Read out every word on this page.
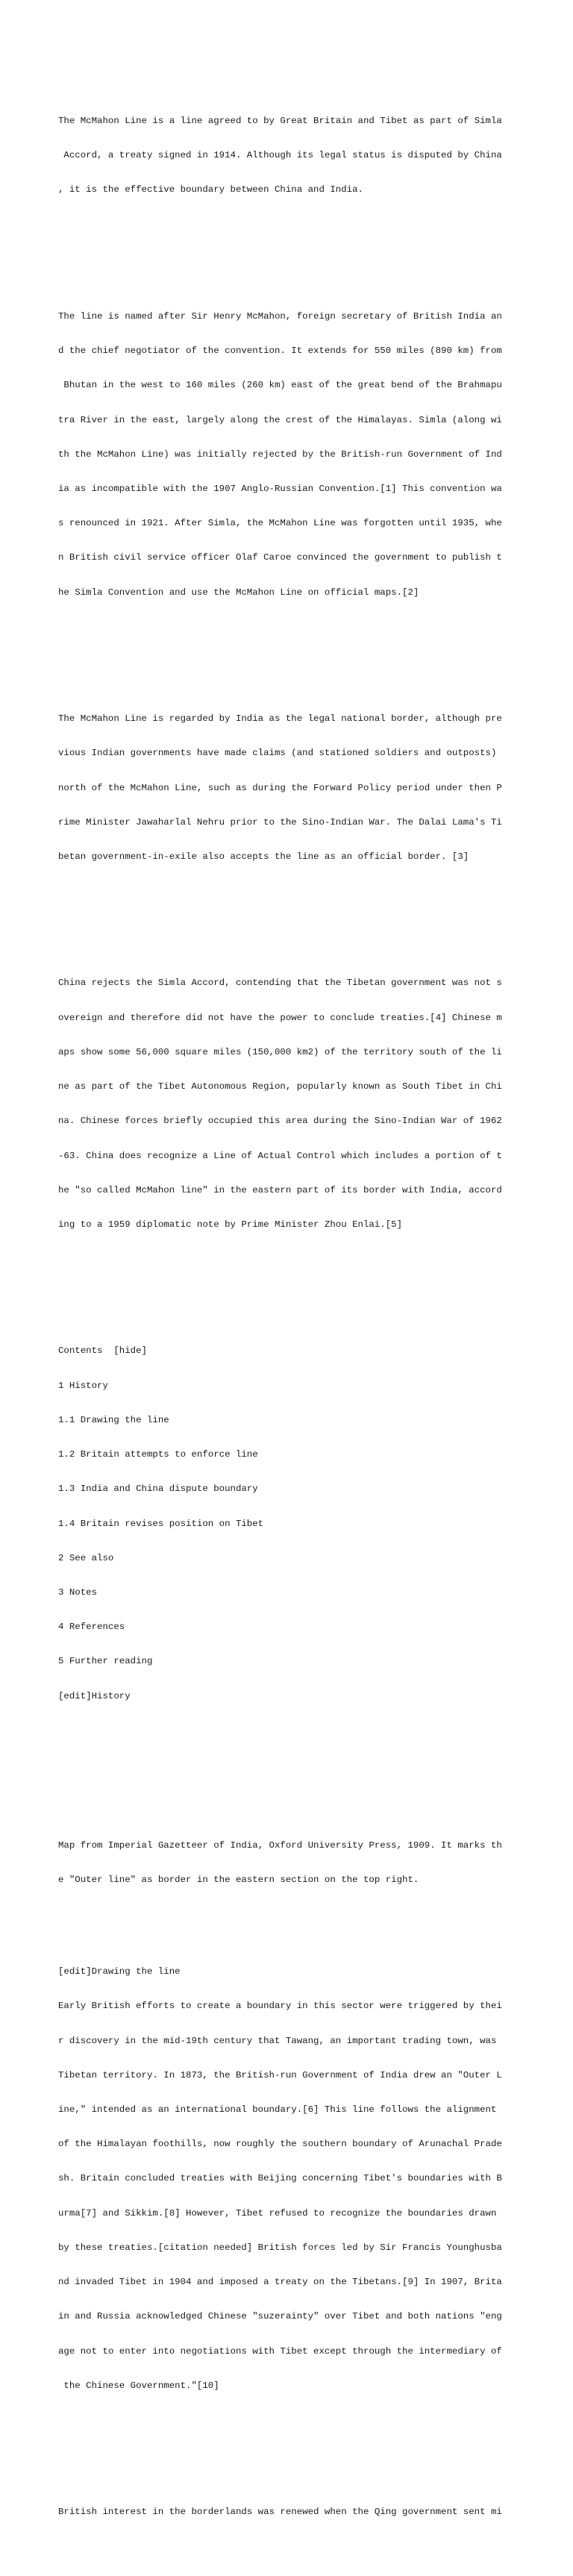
The McMahon Line is a line agreed to by Great Britain and Tibet as part of Simla

Accord, a treaty signed in 1914. Although its legal status is disputed by China

, it is the effective boundary between China and India.

The line is named after Sir Henry McMahon, foreign secretary of British India an

d the chief negotiator of the convention. It extends for 550 miles (890 km) from

Bhutan in the west to 160 miles (260 km) east of the great bend of the Brahmapu

tra River in the east, largely along the crest of the Himalayas. Simla (along wi

th the McMahon Line) was initially rejected by the British-run Government of Ind

ia as incompatible with the 1907 Anglo-Russian Convention.[1] This convention wa

s renounced in 1921. After Simla, the McMahon Line was forgotten until 1935, whe

n British civil service officer Olaf Caroe convinced the government to publish t

he Simla Convention and use the McMahon Line on official maps.[2]

The McMahon Line is regarded by India as the legal national border, although pre

vious Indian governments have made claims (and stationed soldiers and outposts)

north of the McMahon Line, such as during the Forward Policy period under then P

rime Minister Jawaharlal Nehru prior to the Sino-Indian War. The Dalai Lama's Ti

betan government-in-exile also accepts the line as an official border. [3]

China rejects the Simla Accord, contending that the Tibetan government was not s

overeign and therefore did not have the power to conclude treaties.[4] Chinese m

aps show some 56,000 square miles (150,000 km2) of the territory south of the li

ne as part of the Tibet Autonomous Region, popularly known as South Tibet in Chi

na. Chinese forces briefly occupied this area during the Sino-Indian War of 1962

-63. China does recognize a Line of Actual Control which includes a portion of t

he "so called McMahon line" in the eastern part of its border with India, accord

ing to a 1959 diplomatic note by Prime Minister Zhou Enlai.[5]

Contents  [hide]

1 History

1.1 Drawing the line

1.2 Britain attempts to enforce line

1.3 India and China dispute boundary

1.4 Britain revises position on Tibet

2 See also

3 Notes

4 References

5 Further reading

[edit]History

Map from Imperial Gazetteer of India, Oxford University Press, 1909. It marks th

e "Outer line" as border in the eastern section on the top right.

[edit]Drawing the line

Early British efforts to create a boundary in this sector were triggered by thei

r discovery in the mid-19th century that Tawang, an important trading town, was

Tibetan territory. In 1873, the British-run Government of India drew an "Outer L

ine," intended as an international boundary.[6] This line follows the alignment

of the Himalayan foothills, now roughly the southern boundary of Arunachal Prade

sh. Britain concluded treaties with Beijing concerning Tibet's boundaries with B

urma[7] and Sikkim.[8] However, Tibet refused to recognize the boundaries drawn

by these treaties.[citation needed] British forces led by Sir Francis Younghusba

nd invaded Tibet in 1904 and imposed a treaty on the Tibetans.[9] In 1907, Brita

in and Russia acknowledged Chinese "suzerainty" over Tibet and both nations "eng

age not to enter into negotiations with Tibet except through the intermediary of

the Chinese Government."[10]

British interest in the borderlands was renewed when the Qing government sent mi
